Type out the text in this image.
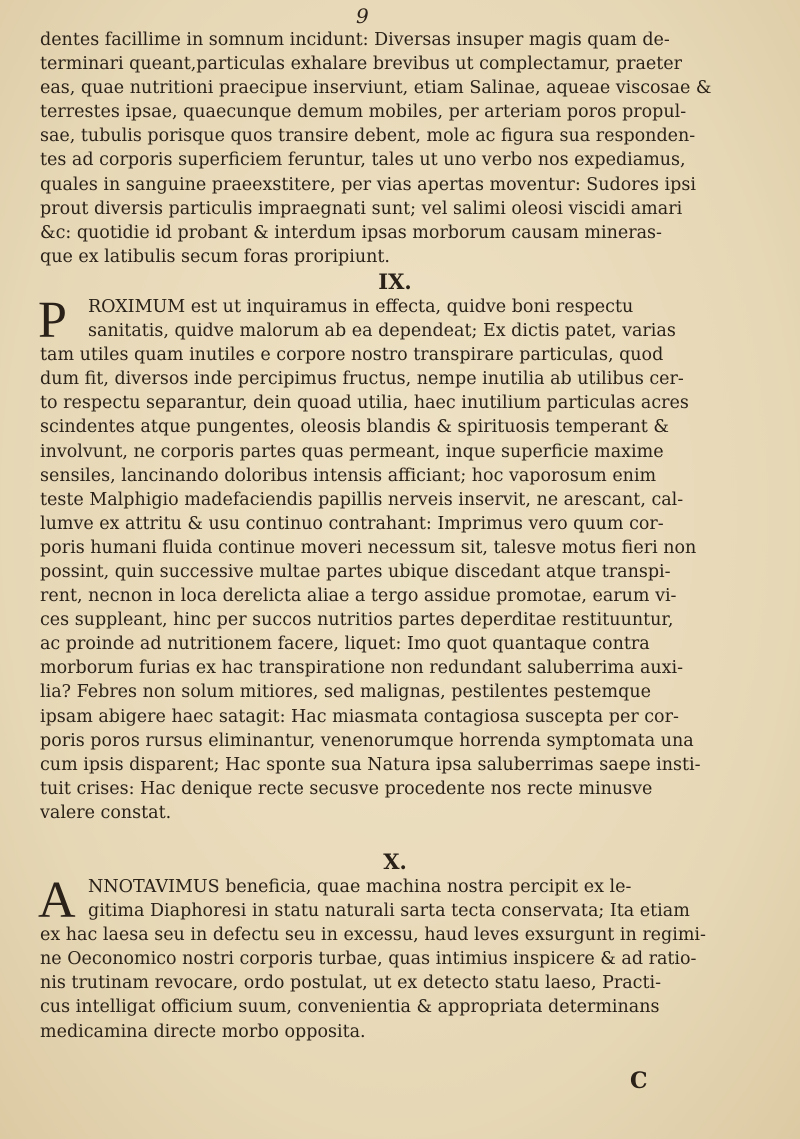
9
dentes facillime in somnum incidunt: Diversas insuper magis quam de-
terminari queant,particulas exhalare brevibus ut complectamur, praeter
eas, quae nutritioni praecipue inserviunt, etiam Salinae, aqueae viscosae &
terrestes ipsae, quaecunque demum mobiles, per arteriam poros propul-
sae, tubulis porisque quos transire debent, mole ac figura sua responden-
tes ad corporis superficiem feruntur, tales ut uno verbo nos expediamus,
quales in sanguine praeexstitere, per vias apertas moventur: Sudores ipsi
prout diversis particulis impraegnati sunt; vel salimi oleosi viscidi amari
&c: quotidie id probant & interdum ipsas morborum causam mineras-
que ex latibulis secum foras proripiunt.
IX.
P	ROXIMUM est ut inquiramus in effecta, quidve boni respectu
sanitatis, quidve malorum ab ea dependeat; Ex dictis patet, varias
tam utiles quam inutiles e corpore nostro transpirare particulas, quod
dum fit, diversos inde percipimus fructus, nempe inutilia ab utilibus cer-
to respectu separantur, dein quoad utilia, haec inutilium particulas acres
scindentes atque pungentes, oleosis blandis & spirituosis temperant &
involvunt, ne corporis partes quas permeant, inque superficie maxime
sensiles, lancinando doloribus intensis afficiant; hoc vaporosum enim
teste Malphigio madefaciendis papillis nerveis inservit, ne arescant, cal-
lumve ex attritu & usu continuo contrahant: Imprimus vero quum cor-
poris humani fluida continue moveri necessum sit, talesve motus fieri non
possint, quin successive multae partes ubique discedant atque transpi-
rent, necnon in loca derelicta aliae a tergo assidue promotae, earum vi-
ces suppleant, hinc per succos nutritios partes deperditae restituuntur,
ac proinde ad nutritionem facere, liquet: Imo quot quantaque contra
morborum furias ex hac transpiratione non redundant saluberrima auxi-
lia? Febres non solum mitiores, sed malignas, pestilentes pestemque
ipsam abigere haec satagit: Hac miasmata contagiosa suscepta per cor-
poris poros rursus eliminantur, venenorumque horrenda symptomata una
cum ipsis disparent; Hac sponte sua Natura ipsa saluberrimas saepe insti-
tuit crises: Hac denique recte secusve procedente nos recte minusve
valere constat.
X.
A NNOTAVIMUS beneficia, quae machina nostra percipit ex le-
gitima Diaphoresi in statu naturali sarta tecta conservata; Ita etiam
ex hac laesa seu in defectu seu in excessu, haud leves exsurgunt in regimi-
ne Oeconomico nostri corporis turbae, quas intimius inspicere & ad ratio-
nis trutinam revocare, ordo postulat, ut ex detecto statu laeso, Practi-
cus intelligat officium suum, convenientia & appropriata determinans
medicamina directe morbo opposita.
C
